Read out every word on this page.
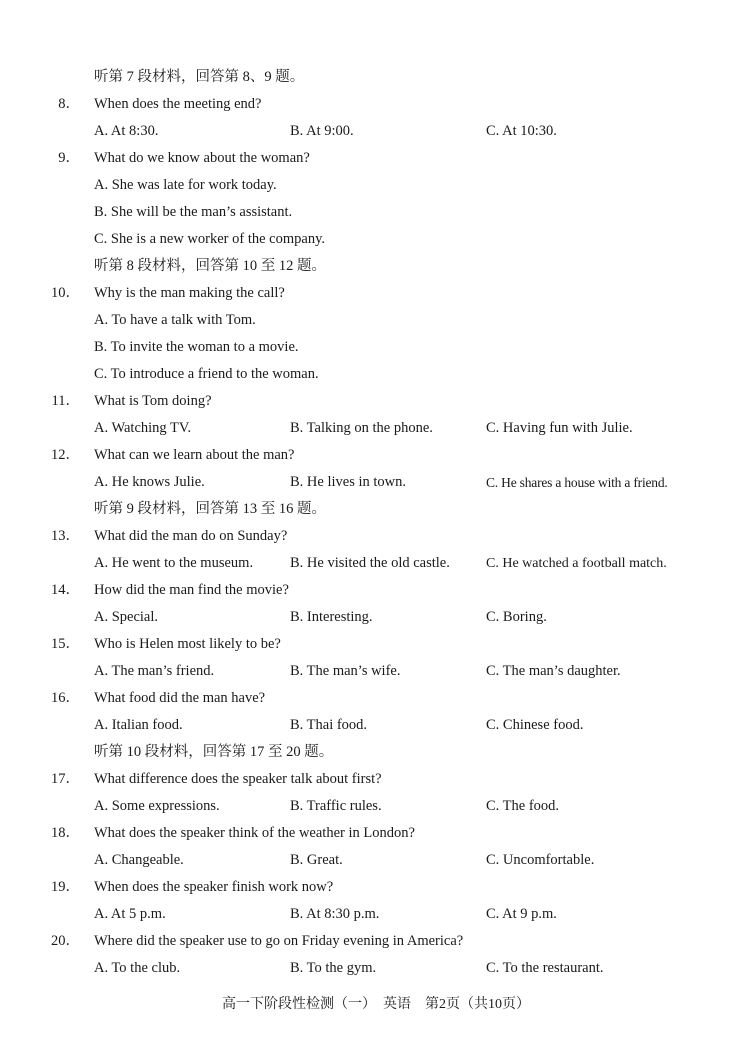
听第 7 段材料，回答第 8、9 题。
8． When does the meeting end?
A. At 8:30.	B. At 9:00.	C. At 10:30.
9． What do we know about the woman?
A. She was late for work today.
B. She will be the man’s assistant.
C. She is a new worker of the company.
听第 8 段材料，回答第 10 至 12 题。
10． Why is the man making the call?
A. To have a talk with Tom.
B. To invite the woman to a movie.
C. To introduce a friend to the woman.
11． What is Tom doing?
A. Watching TV.	B. Talking on the phone.	C. Having fun with Julie.
12． What can we learn about the man?
A. He knows Julie.	B. He lives in town.	C. He shares a house with a friend.
听第 9 段材料，回答第 13 至 16 题。
13． What did the man do on Sunday?
A. He went to the museum.	B. He visited the old castle.	C. He watched a football match.
14． How did the man find the movie?
A. Special.	B. Interesting.	C. Boring.
15． Who is Helen most likely to be?
A. The man’s friend.	B. The man’s wife.	C. The man’s daughter.
16． What food did the man have?
A. Italian food.	B. Thai food.	C. Chinese food.
听第 10 段材料，回答第 17 至 20 题。
17． What difference does the speaker talk about first?
A. Some expressions.	B. Traffic rules.	C. The food.
18． What does the speaker think of the weather in London?
A. Changeable.	B. Great.	C. Uncomfortable.
19． When does the speaker finish work now?
A. At 5 p.m.	B. At 8:30 p.m.	C. At 9 p.m.
20． Where did the speaker use to go on Friday evening in America?
A. To the club.	B. To the gym.	C. To the restaurant.
高一下阶段性检测（一）　英语　第2页（共10页）
